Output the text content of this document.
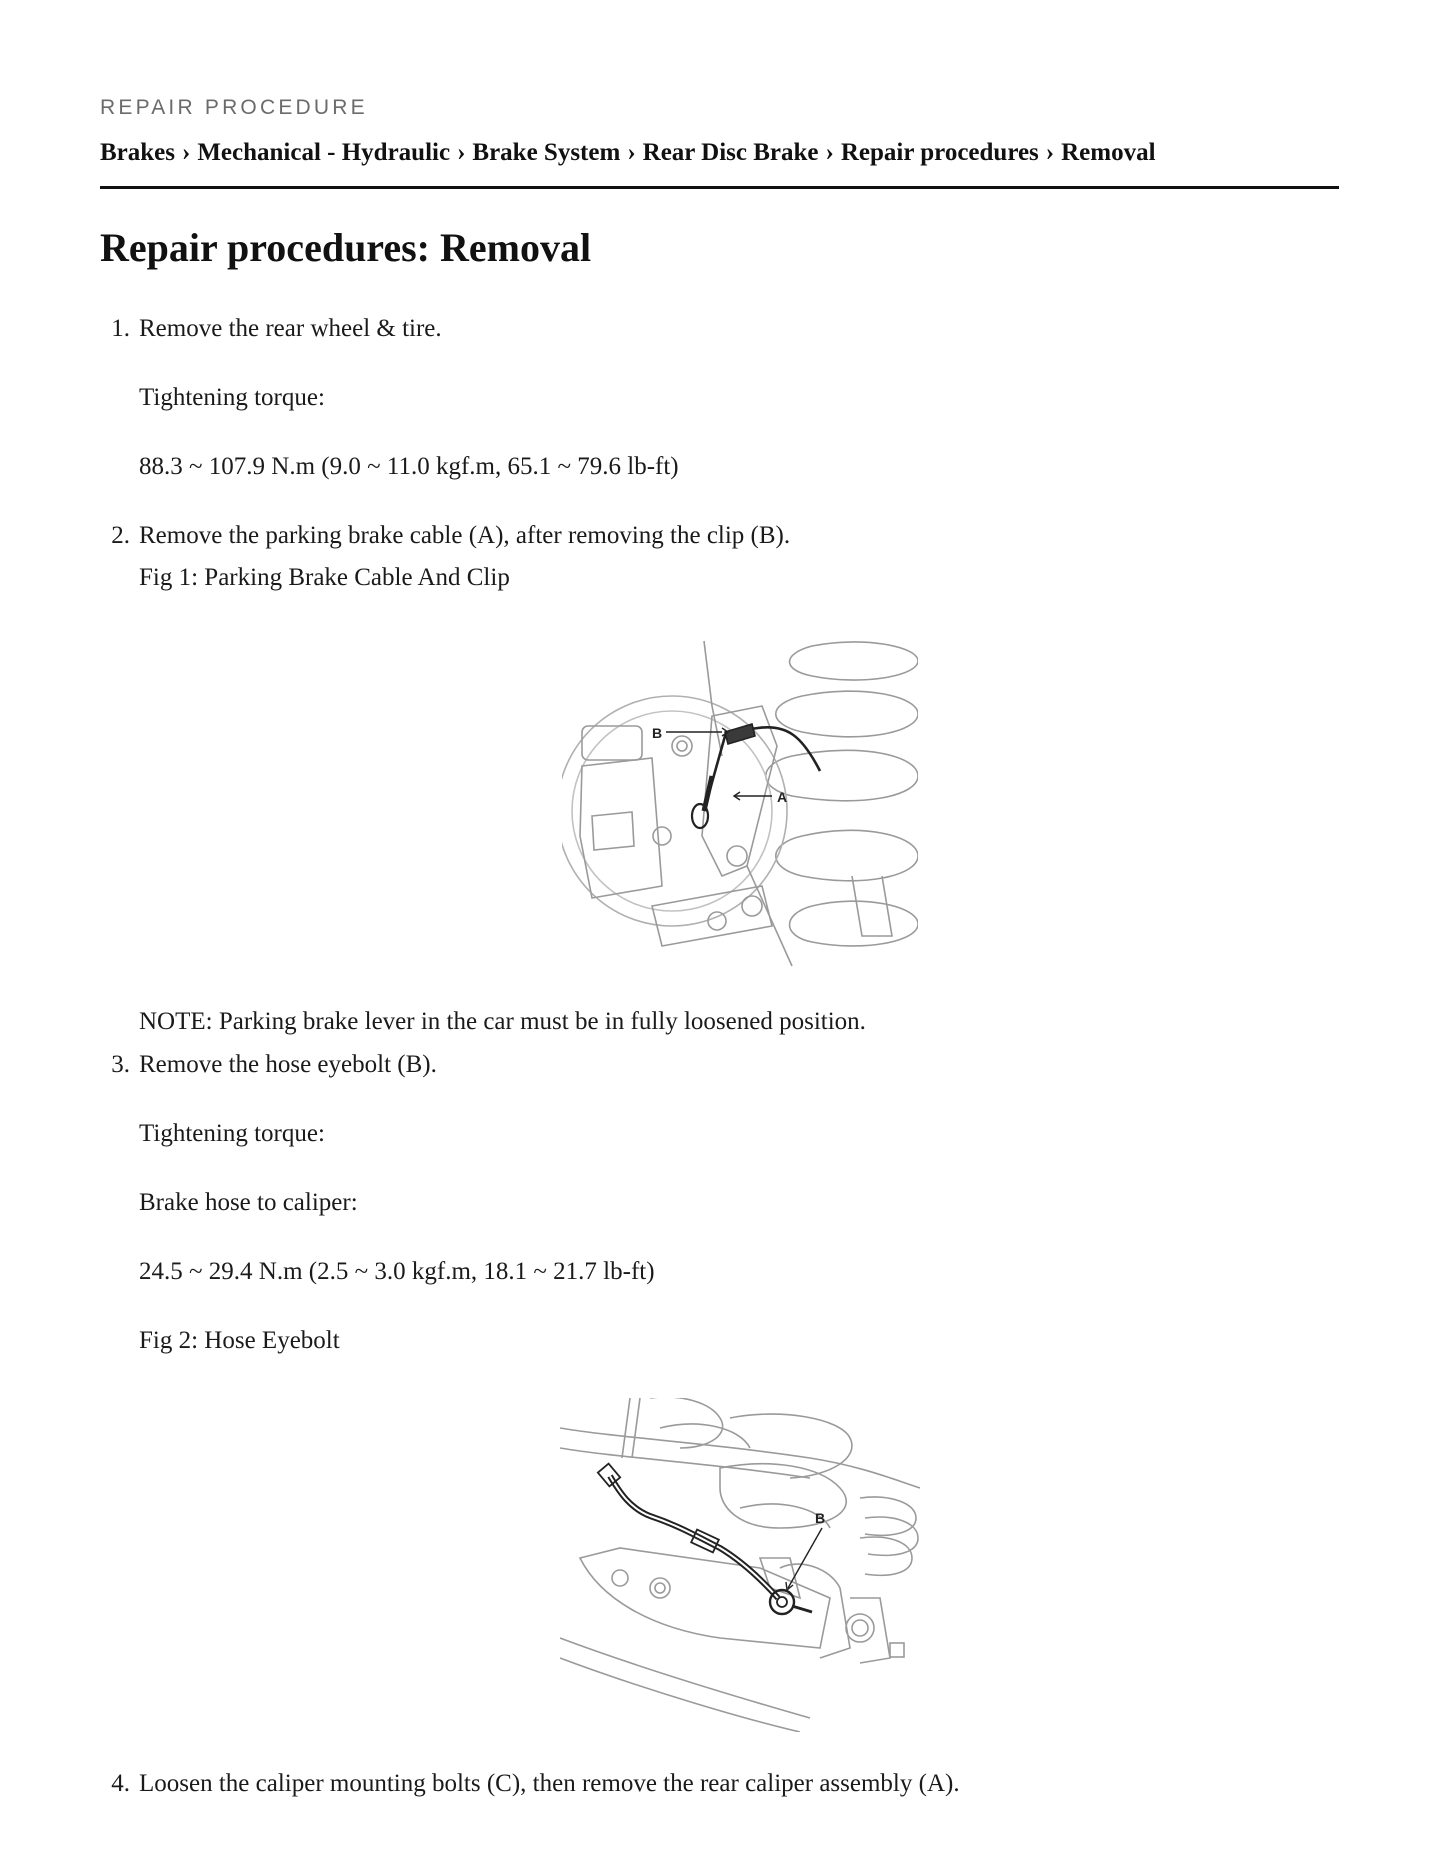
REPAIR PROCEDURE
Brakes › Mechanical - Hydraulic › Brake System › Rear Disc Brake › Repair procedures › Removal
Repair procedures: Removal
1. Remove the rear wheel & tire.
Tightening torque:
88.3 ~ 107.9 N.m (9.0 ~ 11.0 kgf.m, 65.1 ~ 79.6 lb-ft)
2. Remove the parking brake cable (A), after removing the clip (B).
Fig 1: Parking Brake Cable And Clip
B
A
NOTE: Parking brake lever in the car must be in fully loosened position.
3. Remove the hose eyebolt (B).
Tightening torque:
Brake hose to caliper:
24.5 ~ 29.4 N.m (2.5 ~ 3.0 kgf.m, 18.1 ~ 21.7 lb-ft)
Fig 2: Hose Eyebolt
B
4. Loosen the caliper mounting bolts (C), then remove the rear caliper assembly (A).
